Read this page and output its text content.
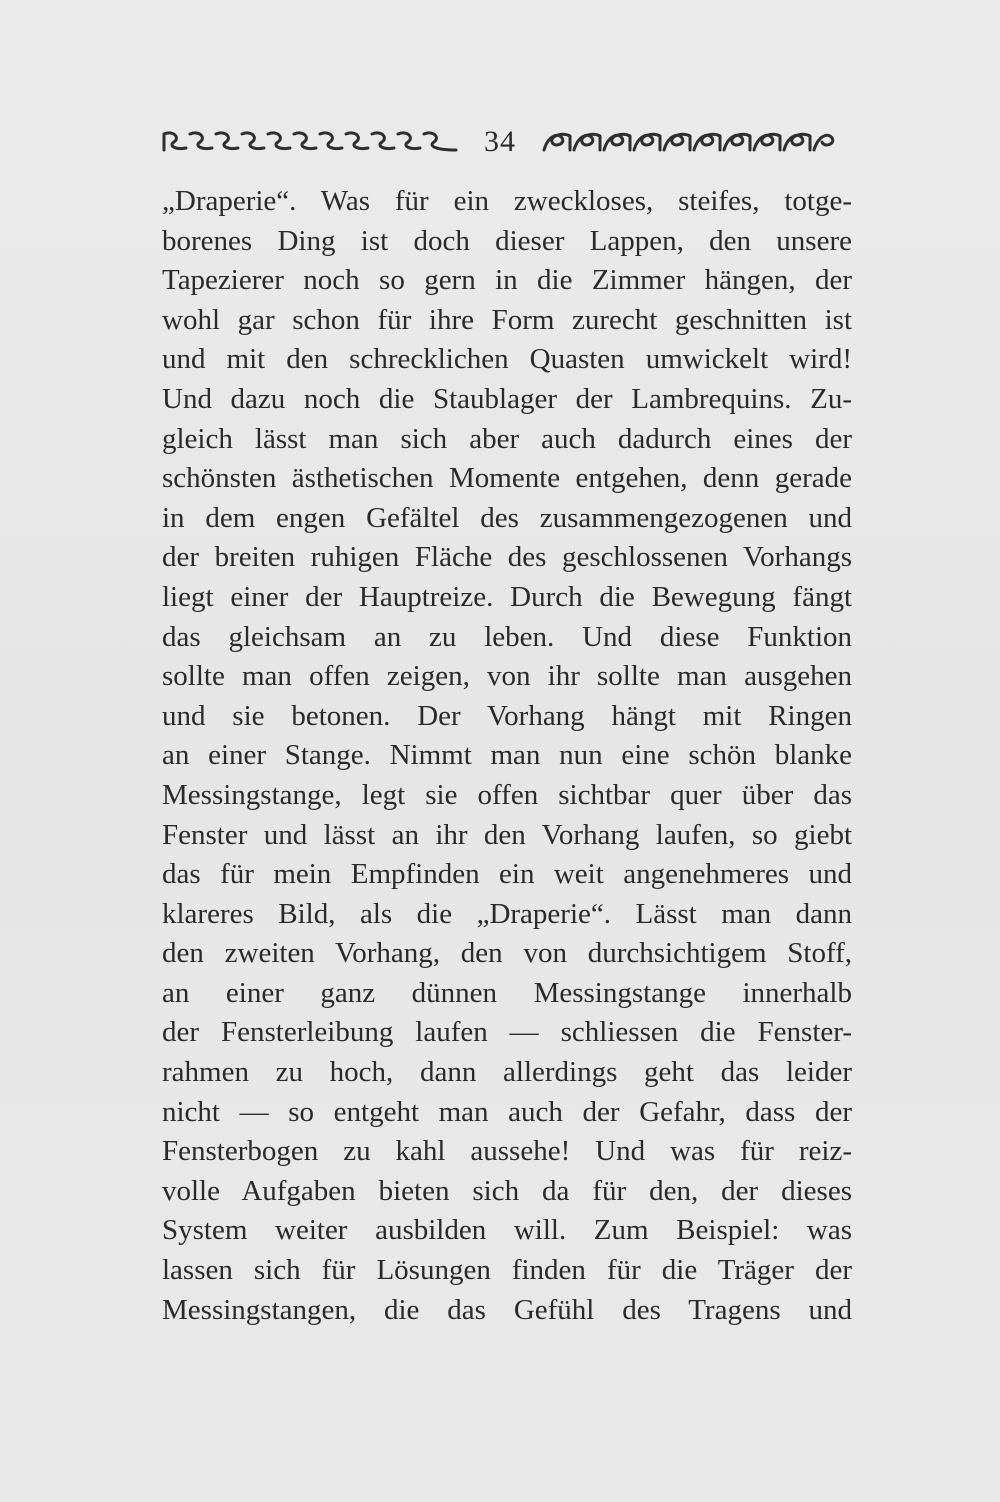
34
„Draperie“. Was für ein zweckloses, steifes, totge-
borenes Ding ist doch dieser Lappen, den unsere
Tapezierer noch so gern in die Zimmer hängen, der
wohl gar schon für ihre Form zurecht geschnitten ist
und mit den schrecklichen Quasten umwickelt wird!
Und dazu noch die Staublager der Lambrequins. Zu-
gleich lässt man sich aber auch dadurch eines der
schönsten ästhetischen Momente entgehen, denn gerade
in dem engen Gefältel des zusammengezogenen und
der breiten ruhigen Fläche des geschlossenen Vorhangs
liegt einer der Hauptreize. Durch die Bewegung fängt
das gleichsam an zu leben. Und diese Funktion
sollte man offen zeigen, von ihr sollte man ausgehen
und sie betonen. Der Vorhang hängt mit Ringen
an einer Stange. Nimmt man nun eine schön blanke
Messingstange, legt sie offen sichtbar quer über das
Fenster und lässt an ihr den Vorhang laufen, so giebt
das für mein Empfinden ein weit angenehmeres und
klareres Bild, als die „Draperie“. Lässt man dann
den zweiten Vorhang, den von durchsichtigem Stoff,
an einer ganz dünnen Messingstange innerhalb
der Fensterleibung laufen — schliessen die Fenster-
rahmen zu hoch, dann allerdings geht das leider
nicht — so entgeht man auch der Gefahr, dass der
Fensterbogen zu kahl aussehe! Und was für reiz-
volle Aufgaben bieten sich da für den, der dieses
System weiter ausbilden will. Zum Beispiel: was
lassen sich für Lösungen finden für die Träger der
Messingstangen, die das Gefühl des Tragens und
